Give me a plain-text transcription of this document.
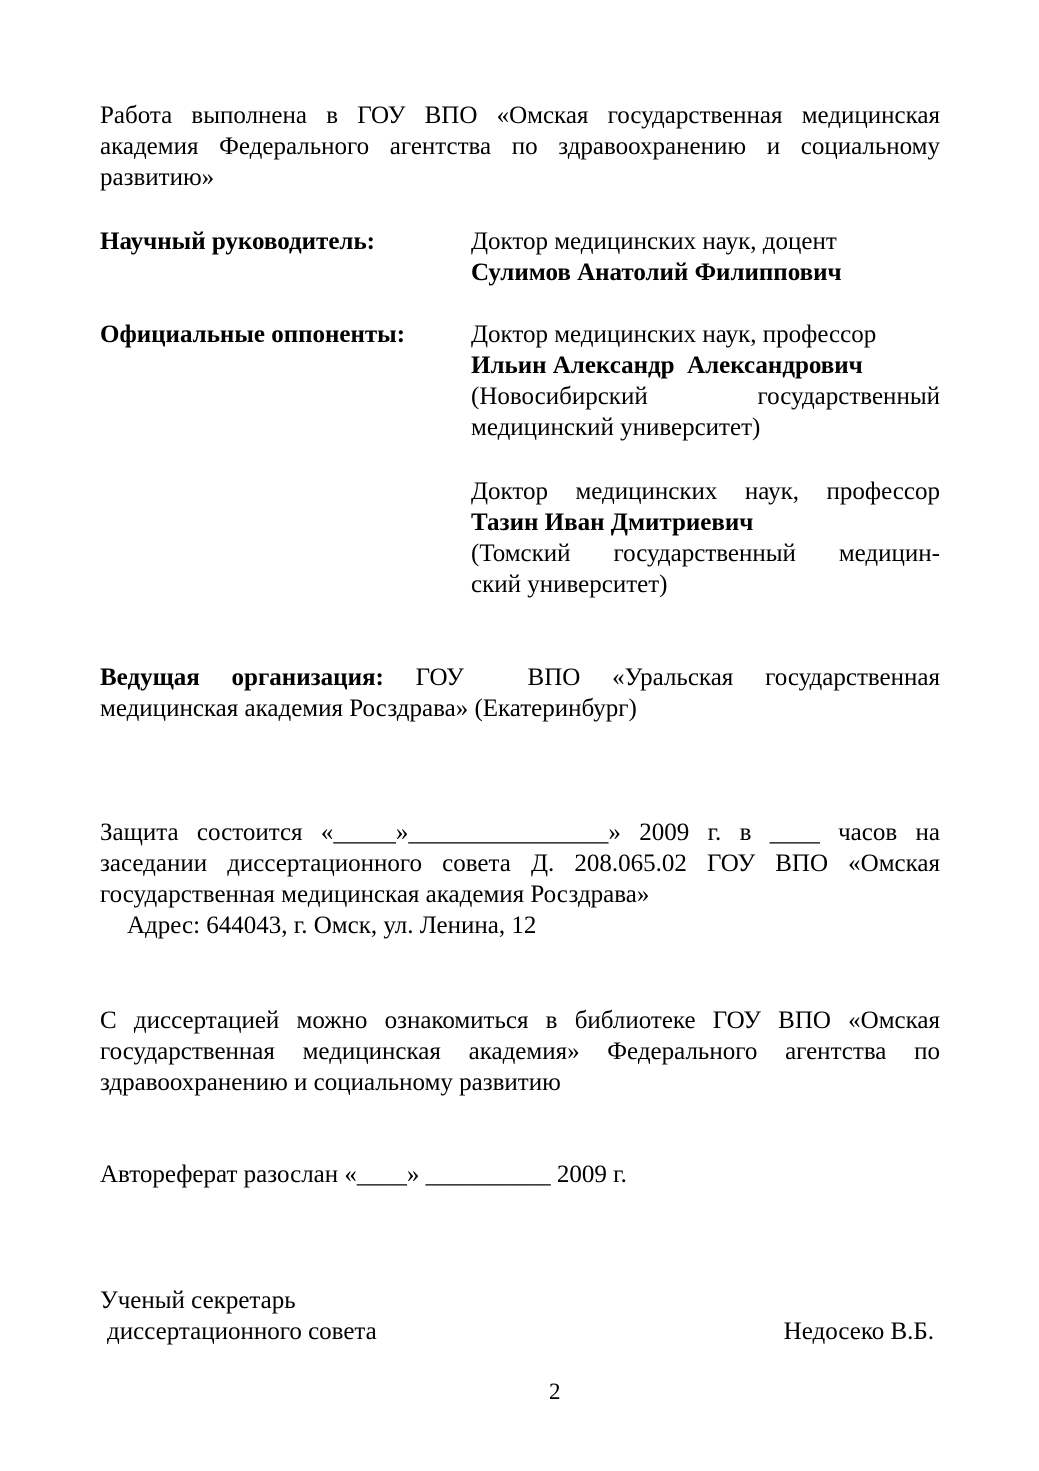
Работа выполнена в ГОУ ВПО «Омская государственная медицинская
академия Федерального агентства по здравоохранению и социальному
развитию»
Научный руководитель:	Доктор медицинских наук, доцент
Сулимов Анатолий Филиппович
Официальные оппоненты:	Доктор медицинских наук, профессор
Ильин Александр  Александрович
(Новосибирский государственный
медицинский университет)
Доктор медицинских наук, профессор
Тазин Иван Дмитриевич
(Томский государственный медицин-
ский университет)
Ведущая организация: ГОУ  ВПО «Уральская государственная
медицинская академия Росздрава» (Екатеринбург)
Защита состоится «_____»________________» 2009 г. в ____ часов на
заседании диссертационного совета Д. 208.065.02 ГОУ ВПО «Омская
государственная медицинская академия Росздрава»
Адрес: 644043, г. Омск, ул. Ленина, 12
С диссертацией можно ознакомиться в библиотеке ГОУ ВПО «Омская
государственная медицинская академия» Федерального агентства по
здравоохранению и социальному развитию
Автореферат разослан «____» __________ 2009 г.
Ученый секретарь
диссертационного совета	Недосеко В.Б.
2
